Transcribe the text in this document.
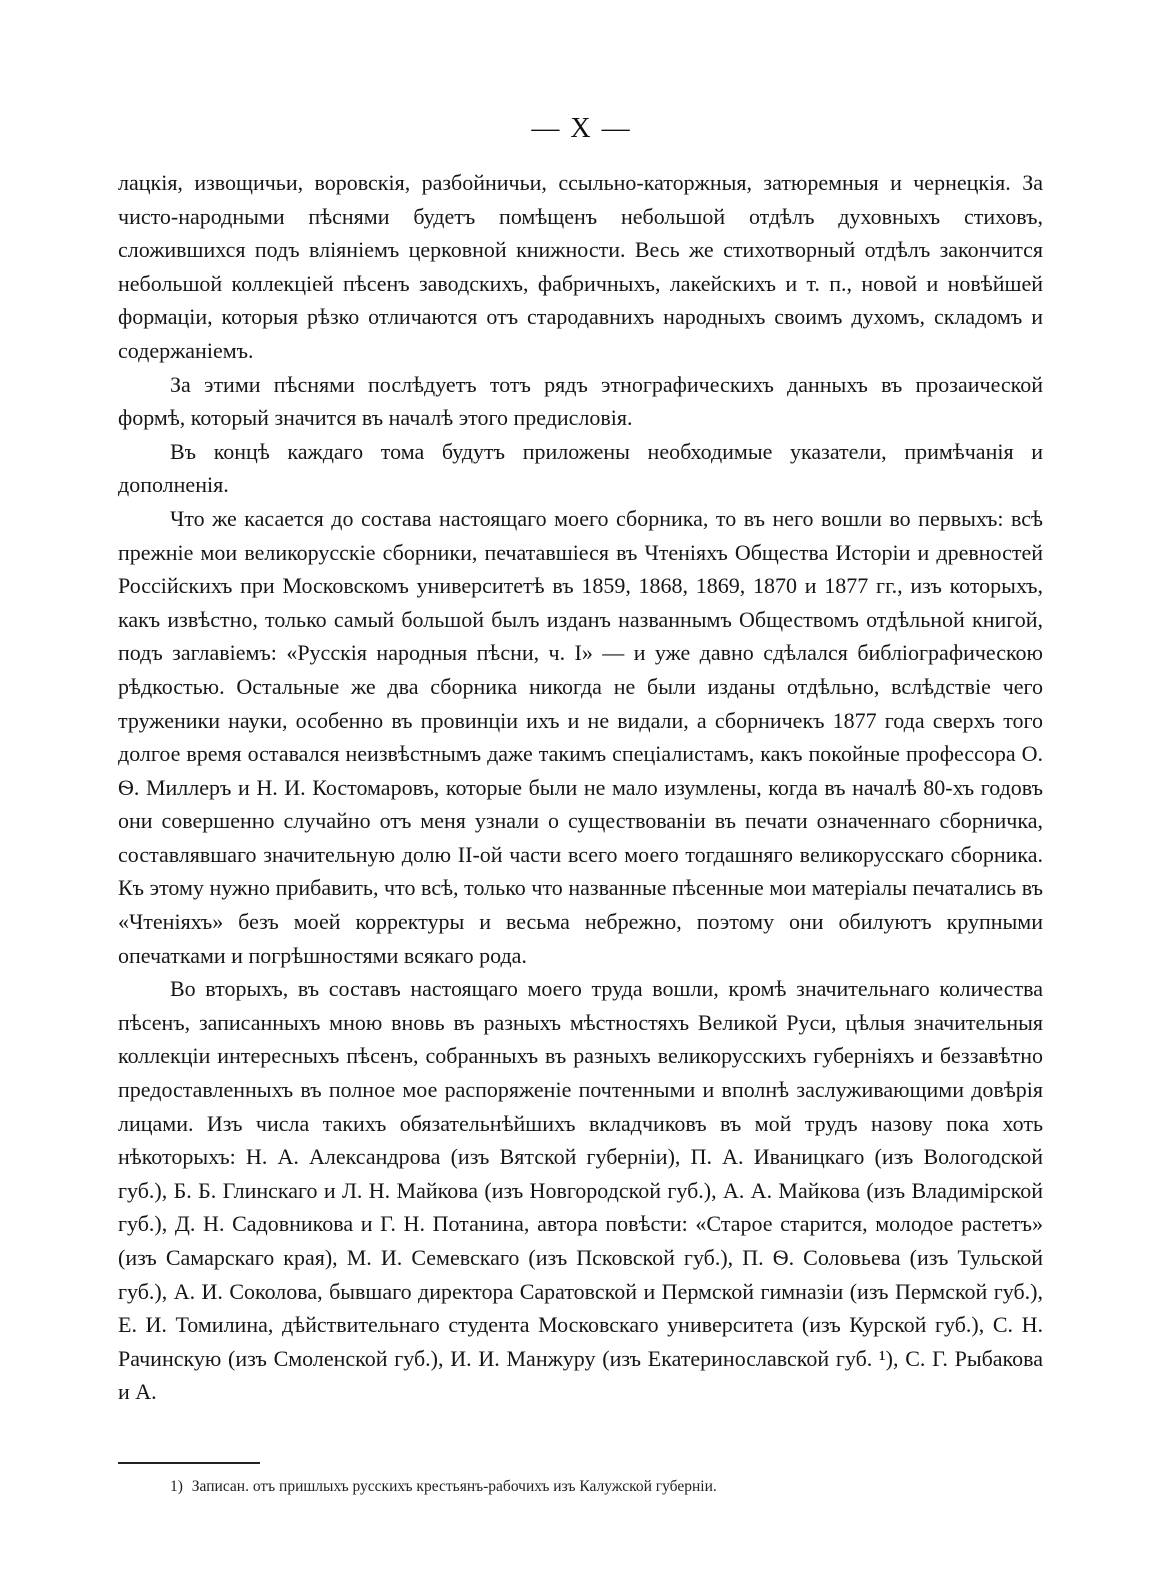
— X —

лацкія, извощичьи, воровскія, разбойничьи, ссыльно-каторжныя, затюремныя и чернецкія. За чисто-народными пѣснями будетъ помѣщенъ небольшой отдѣлъ духовныхъ стиховъ, сложившихся подъ вліяніемъ церковной книжности. Весь же стихотворный отдѣлъ закончится небольшой коллекціей пѣсенъ заводскихъ, фабричныхъ, лакейскихъ и т. п., новой и новѣйшей формаціи, которыя рѣзко отличаются отъ стародавнихъ народныхъ своимъ духомъ, складомъ и содержаніемъ.

За этими пѣснями послѣдуетъ тотъ рядъ этнографическихъ данныхъ въ прозаической формѣ, который значится въ началѣ этого предисловія.

Въ концѣ каждаго тома будутъ приложены необходимые указатели, примѣчанія и дополненія.

Что же касается до состава настоящаго моего сборника, то въ него вошли во первыхъ: всѣ прежніе мои великорусскіе сборники, печатавшіеся въ Чтеніяхъ Общества Исторіи и древностей Россійскихъ при Московскомъ университетѣ въ 1859, 1868, 1869, 1870 и 1877 гг., изъ которыхъ, какъ извѣстно, только самый большой былъ изданъ названнымъ Обществомъ отдѣльной книгой, подъ заглавіемъ: «Русскія народныя пѣсни, ч. I» — и уже давно сдѣлался библіографическою рѣдкостью. Остальные же два сборника никогда не были изданы отдѣльно, вслѣдствіе чего труженики науки, особенно въ провинціи ихъ и не видали, а сборничекъ 1877 года сверхъ того долгое время оставался неизвѣстнымъ даже такимъ спеціалистамъ, какъ покойные профессора О. Ѳ. Миллеръ и Н. И. Костомаровъ, которые были не мало изумлены, когда въ началѣ 80-хъ годовъ они совершенно случайно отъ меня узнали о существованіи въ печати означеннаго сборничка, составлявшаго значительную долю II-ой части всего моего тогдашняго великорусскаго сборника. Къ этому нужно прибавить, что всѣ, только что названные пѣсенные мои матеріалы печатались въ «Чтеніяхъ» безъ моей корректуры и весьма небрежно, поэтому они обилуютъ крупными опечатками и погрѣшностями всякаго рода.

Во вторыхъ, въ составъ настоящаго моего труда вошли, кромѣ значительнаго количества пѣсенъ, записанныхъ мною вновь въ разныхъ мѣстностяхъ Великой Руси, цѣлыя значительныя коллекціи интересныхъ пѣсенъ, собранныхъ въ разныхъ великорусскихъ губерніяхъ и беззавѣтно предоставленныхъ въ полное мое распоряженіе почтенными и вполнѣ заслуживающими довѣрія лицами. Изъ числа такихъ обязательнѣйшихъ вкладчиковъ въ мой трудъ назову пока хоть нѣкоторыхъ: Н. А. Александрова (изъ Вятской губерніи), П. А. Иваницкаго (изъ Вологодской губ.), Б. Б. Глинскаго и Л. Н. Майкова (изъ Новгородской губ.), А. А. Майкова (изъ Владимірской губ.), Д. Н. Садовникова и Г. Н. Потанина, автора повѣсти: «Старое старится, молодое растетъ» (изъ Самарскаго края), М. И. Семевскаго (изъ Псковской губ.), П. Ѳ. Соловьева (изъ Тульской губ.), А. И. Соколова, бывшаго директора Саратовской и Пермской гимназіи (изъ Пермской губ.), Е. И. Томилина, дѣйствительнаго студента Московскаго университета (изъ Курской губ.), С. Н. Рачинскую (изъ Смоленской губ.), И. И. Манжуру (изъ Екатеринославской губ. ¹), С. Г. Рыбакова и А.

1) Записан. отъ пришлыхъ русскихъ крестьянъ-рабочихъ изъ Калужской губерніи.
